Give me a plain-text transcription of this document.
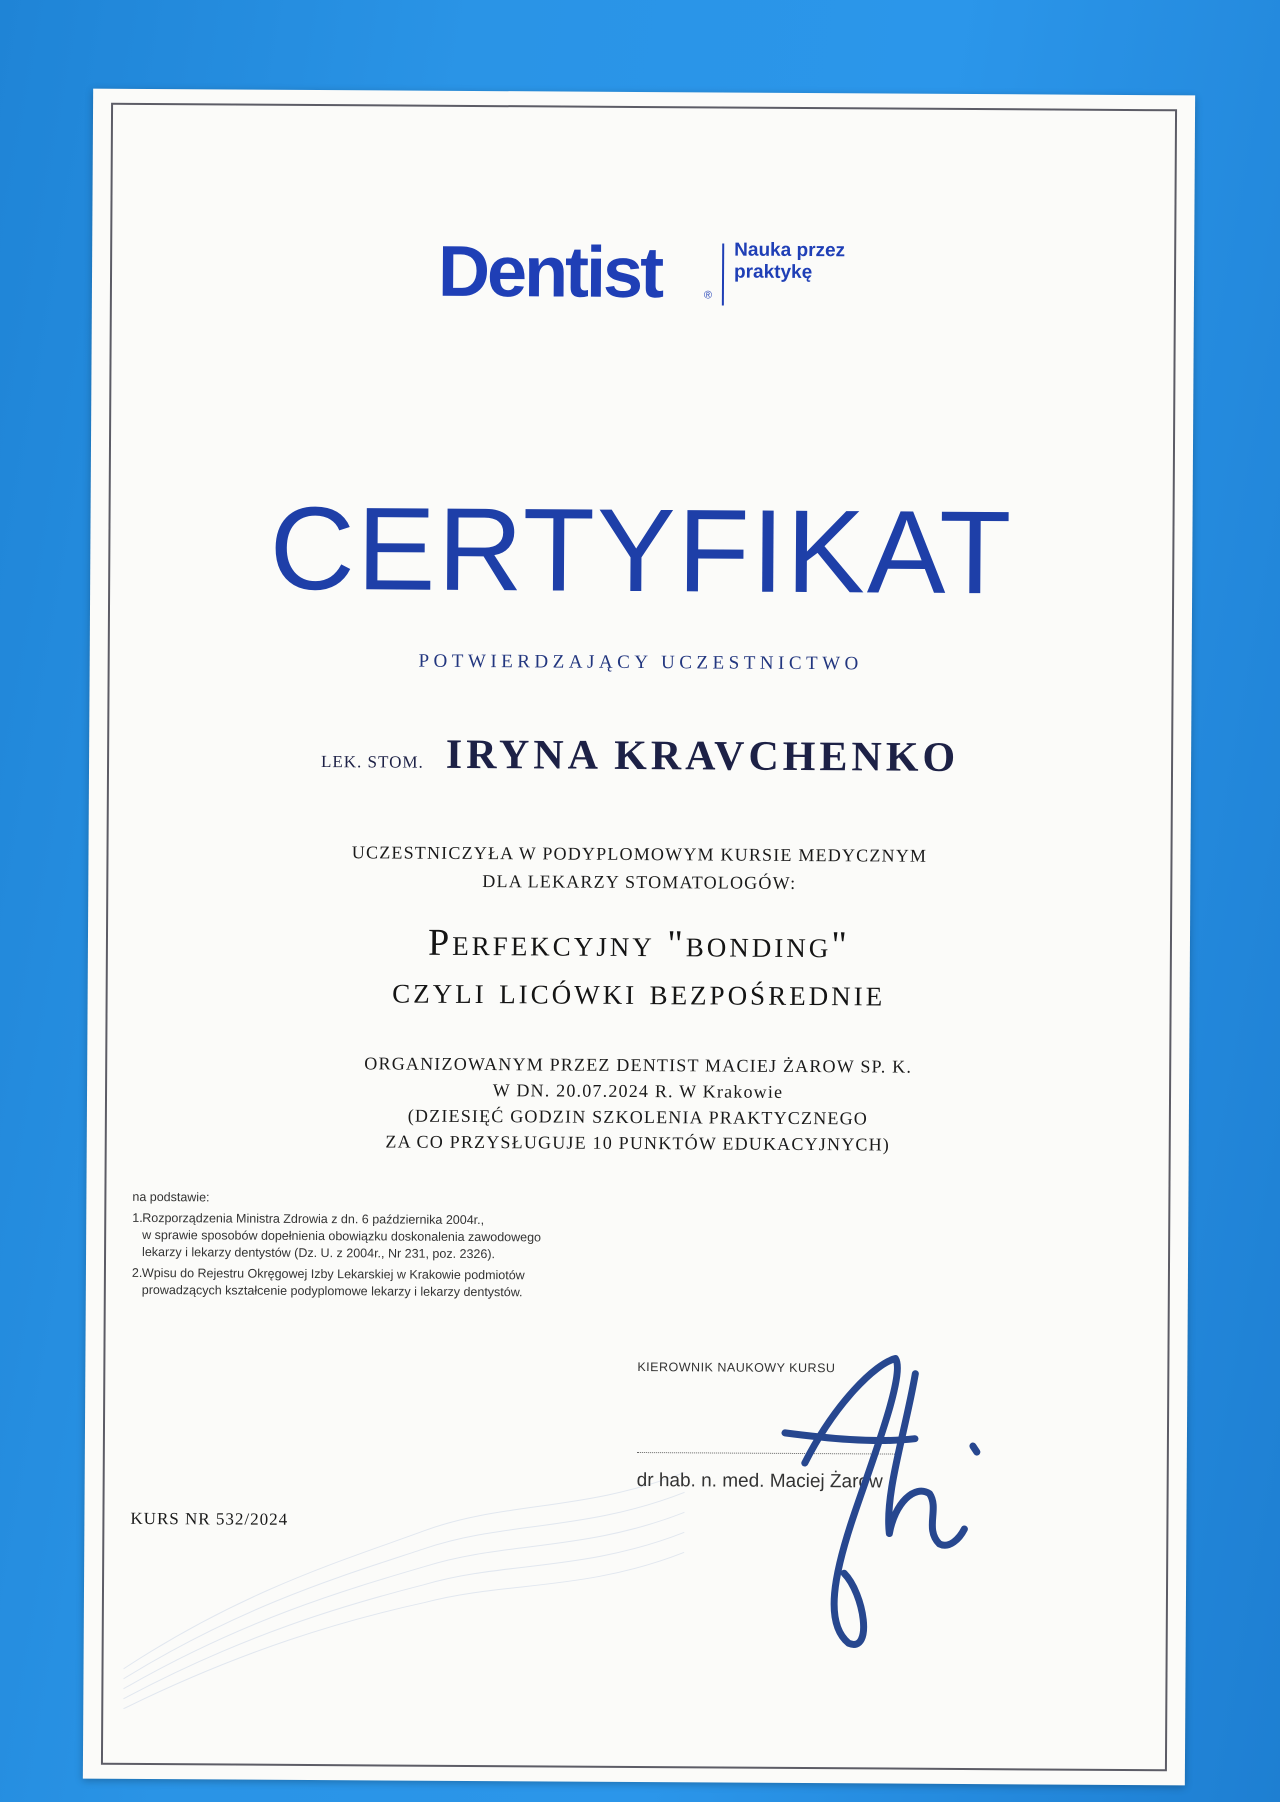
Dentist	®
Nauka przez praktykę
CERTYFIKAT
POTWIERDZAJĄCY UCZESTNICTWO
LEK. STOM. IRYNA KRAVCHENKO
UCZESTNICZYŁA W PODYPLOMOWYM KURSIE MEDYCZNYM
DLA LEKARZY STOMATOLOGÓW:
Perfekcyjny "bonding"
czyli licówki bezpośrednie
ORGANIZOWANYM PRZEZ DENTIST MACIEJ ŻAROW SP. K.
W DN. 20.07.2024 R. W Krakowie
(DZIESIĘĆ GODZIN SZKOLENIA PRAKTYCZNEGO
ZA CO PRZYSŁUGUJE 10 PUNKTÓW EDUKACYJNYCH)
na podstawie:
1. Rozporządzenia Ministra Zdrowia z dn. 6 października 2004r.,
w sprawie sposobów dopełnienia obowiązku doskonalenia zawodowego
lekarzy i lekarzy dentystów (Dz. U. z 2004r., Nr 231, poz. 2326).
2. Wpisu do Rejestru Okręgowej Izby Lekarskiej w Krakowie podmiotów
prowadzących kształcenie podyplomowe lekarzy i lekarzy dentystów.
KIEROWNIK NAUKOWY KURSU
dr hab. n. med. Maciej Żarow
KURS NR 532/2024
